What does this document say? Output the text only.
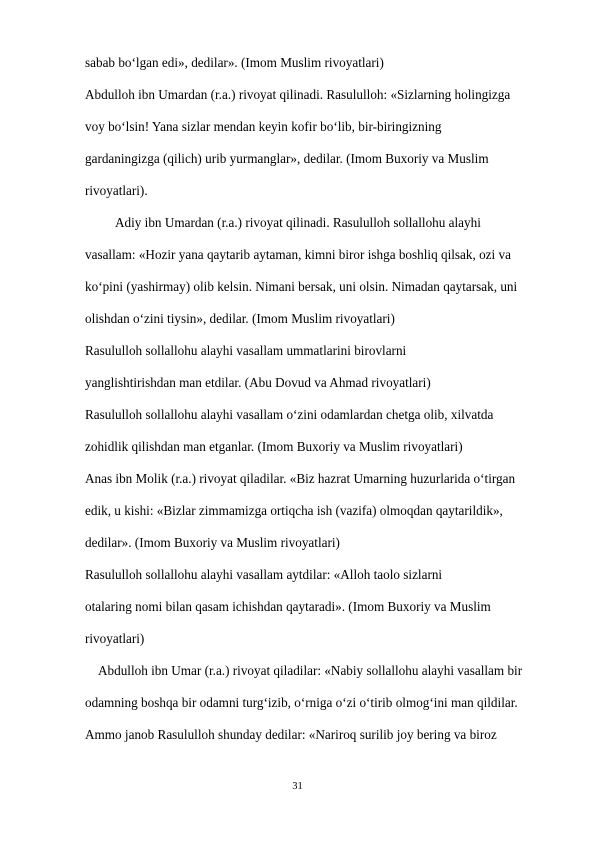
sabab bo‘lgan edi», dedilar». (Imom Muslim rivoyatlari)
Abdulloh ibn Umardan (r.a.) rivoyat qilinadi. Rasululloh: «Sizlarning holingizga
voy bo‘lsin! Yana sizlar mendan keyin kofir bo‘lib, bir-biringizning
gardaningizga (qilich) urib yurmanglar», dedilar. (Imom Buxoriy va Muslim
rivoyatlari).
Adiy ibn Umardan (r.a.) rivoyat qilinadi. Rasululloh sollallohu alayhi
vasallam: «Hozir yana qaytarib aytaman, kimni biror ishga boshliq qilsak, ozi va
ko‘pini (yashirmay) olib kelsin. Nimani bersak, uni olsin. Nimadan qaytarsak, uni
olishdan o‘zini tiysin», dedilar. (Imom Muslim rivoyatlari)
Rasululloh sollallohu alayhi vasallam ummatlarini birovlarni
yanglishtirishdan man etdilar. (Abu Dovud va Ahmad rivoyatlari)
Rasululloh sollallohu alayhi vasallam o‘zini odamlardan chetga olib, xilvatda
zohidlik qilishdan man etganlar. (Imom Buxoriy va Muslim rivoyatlari)
Anas ibn Molik (r.a.) rivoyat qiladilar. «Biz hazrat Umarning huzurlarida o‘tirgan
edik, u kishi: «Bizlar zimmamizga ortiqcha ish (vazifa) olmoqdan qaytarildik»,
dedilar». (Imom Buxoriy va Muslim rivoyatlari)
Rasululloh sollallohu alayhi vasallam aytdilar: «Alloh taolo sizlarni
otalaring nomi bilan qasam ichishdan qaytaradi». (Imom Buxoriy va Muslim
rivoyatlari)
Abdulloh ibn Umar (r.a.) rivoyat qiladilar: «Nabiy sollallohu alayhi vasallam bir
odamning boshqa bir odamni turg‘izib, o‘rniga o‘zi o‘tirib olmog‘ini man qildilar.
Ammo janob Rasululloh shunday dedilar: «Nariroq surilib joy bering va biroz
31
